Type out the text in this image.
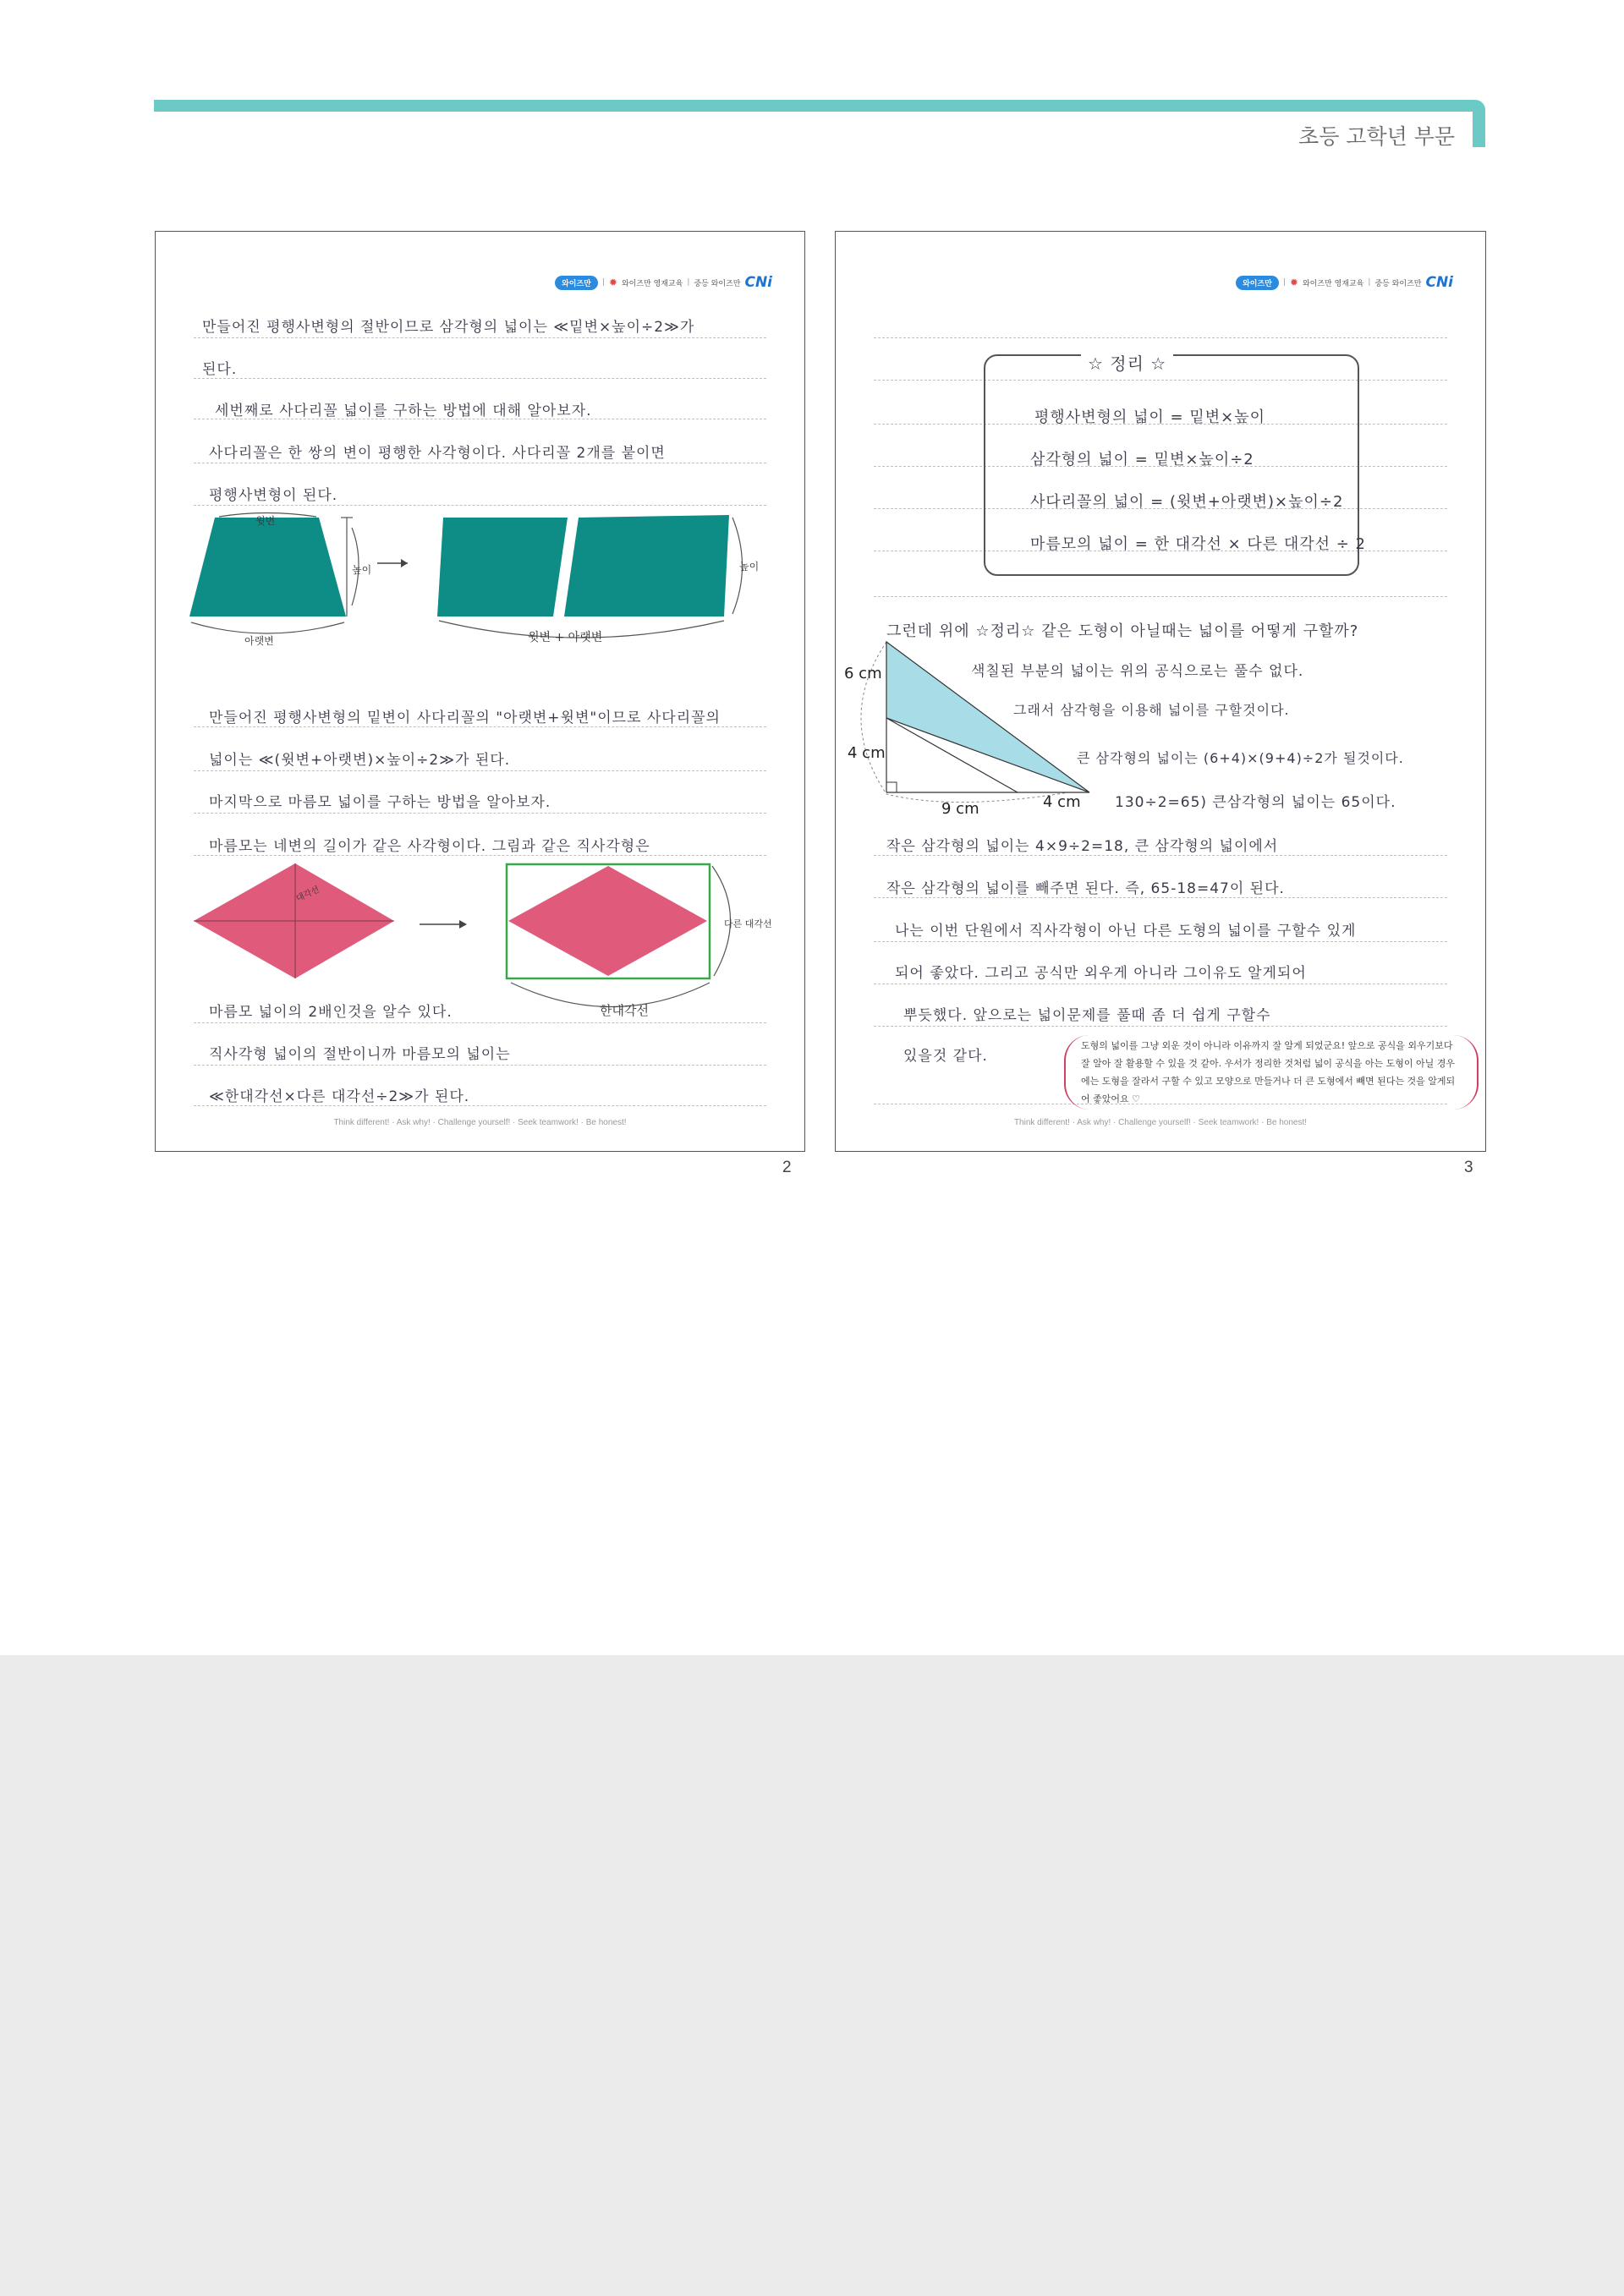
초등 고학년 부문
와이즈만	| ✹ 와이즈만 영재교육 | 중등 와이즈만 CNi
만들어진 평행사변형의 절반이므로 삼각형의 넓이는 ≪밑변×높이÷2≫가
된다.
세번째로 사다리꼴 넓이를 구하는 방법에 대해 알아보자.
사다리꼴은 한 쌍의 변이 평행한 사각형이다. 사다리꼴 2개를 붙이면
평행사변형이 된다.
윗변
높이
아랫변
높이
윗변 + 아랫변
만들어진 평행사변형의 밑변이 사다리꼴의 "아랫변+윗변"이므로 사다리꼴의
넓이는 ≪(윗변+아랫변)×높이÷2≫가 된다.
마지막으로 마름모 넓이를 구하는 방법을 알아보자.
마름모는 네변의 길이가 같은 사각형이다. 그림과 같은 직사각형은
대각선
다른 대각선
한대각선
마름모 넓이의 2배인것을 알수 있다.
직사각형 넓이의 절반이니까 마름모의 넓이는
≪한대각선×다른 대각선÷2≫가 된다.
Think different! · Ask why! · Challenge yourself! · Seek teamwork! · Be honest!
2
와이즈만	| ✹ 와이즈만 영재교육 | 중등 와이즈만 CNi
☆ 정리 ☆
평행사변형의 넓이 = 밑변×높이
삼각형의 넓이 = 밑변×높이÷2
사다리꼴의 넓이 = (윗변+아랫변)×높이÷2
마름모의 넓이 = 한 대각선 × 다른 대각선 ÷ 2
그런데 위에 ☆정리☆ 같은 도형이 아닐때는 넓이를 어떻게 구할까?
6 cm
4 cm
9 cm	4 cm
색칠된 부분의 넓이는 위의 공식으로는 풀수 없다.
그래서 삼각형을 이용해 넓이를 구할것이다.
큰 삼각형의 넓이는 (6+4)×(9+4)÷2가 될것이다.
130÷2=65) 큰삼각형의 넓이는 65이다.
작은 삼각형의 넓이는 4×9÷2=18, 큰 삼각형의 넓이에서
작은 삼각형의 넓이를 빼주면 된다. 즉, 65-18=47이 된다.
나는 이번 단원에서 직사각형이 아닌 다른 도형의 넓이를 구할수 있게
되어 좋았다. 그리고 공식만 외우게 아니라 그이유도 알게되어
뿌듯했다. 앞으로는 넓이문제를 풀때 좀 더 쉽게 구할수
있을것 같다.
도형의 넓이를 그냥 외운 것이 아니라 이유까지 잘 알게 되었군요! 앞으로 공식을 외우기보다 잘 알아 잘 활용할 수 있을 것 같아. 우서가 정리한 것처럼 넓이 공식을 아는 도형이 아닐 경우에는 도형을 잘라서 구할 수 있고 모양으로 만들거나 더 큰 도형에서 빼면 된다는 것을 알게되어 좋았어요 ♡
Think different! · Ask why! · Challenge yourself! · Seek teamwork! · Be honest!
3
